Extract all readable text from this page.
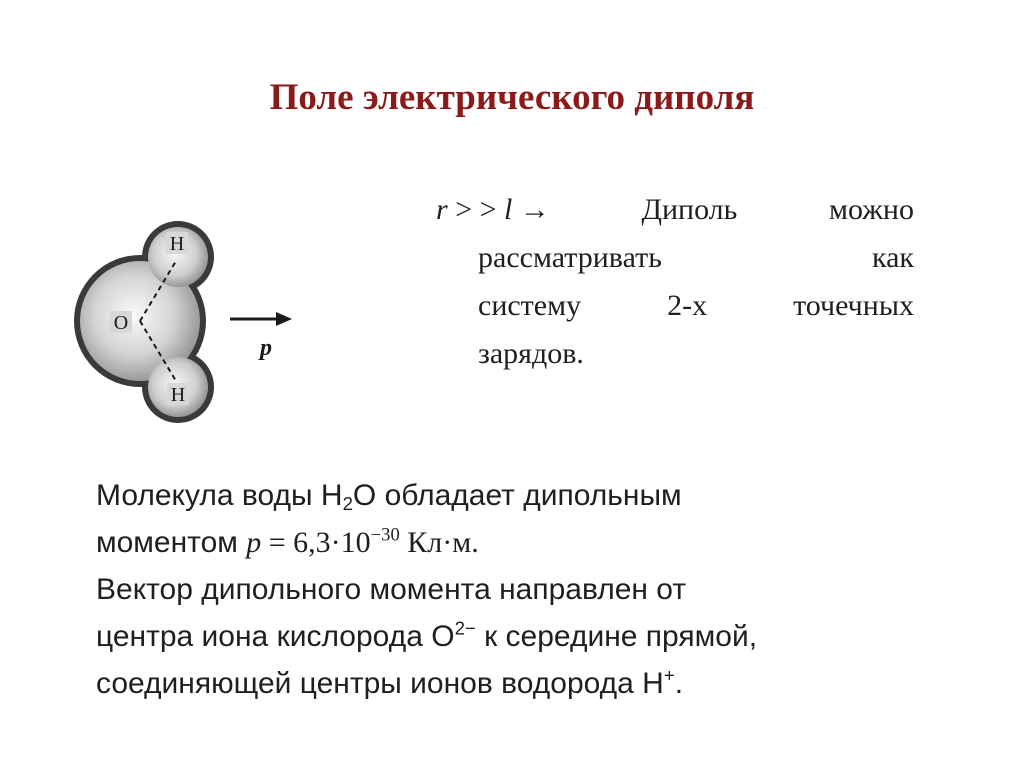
Поле электрического диполя
O
H
H
p
r > > l →	Диполь	можно
рассматривать	как
систему	2-х	точечных
зарядов.
Молекула воды $H_2O$ обладает дипольным
моментом $p = 6,3\cdot 10^{-30}$ Кл·м.
Вектор дипольного момента направлен от
центра иона кислорода $O^{2-}$ к середине прямой,
соединяющей центры ионов водорода H+.
